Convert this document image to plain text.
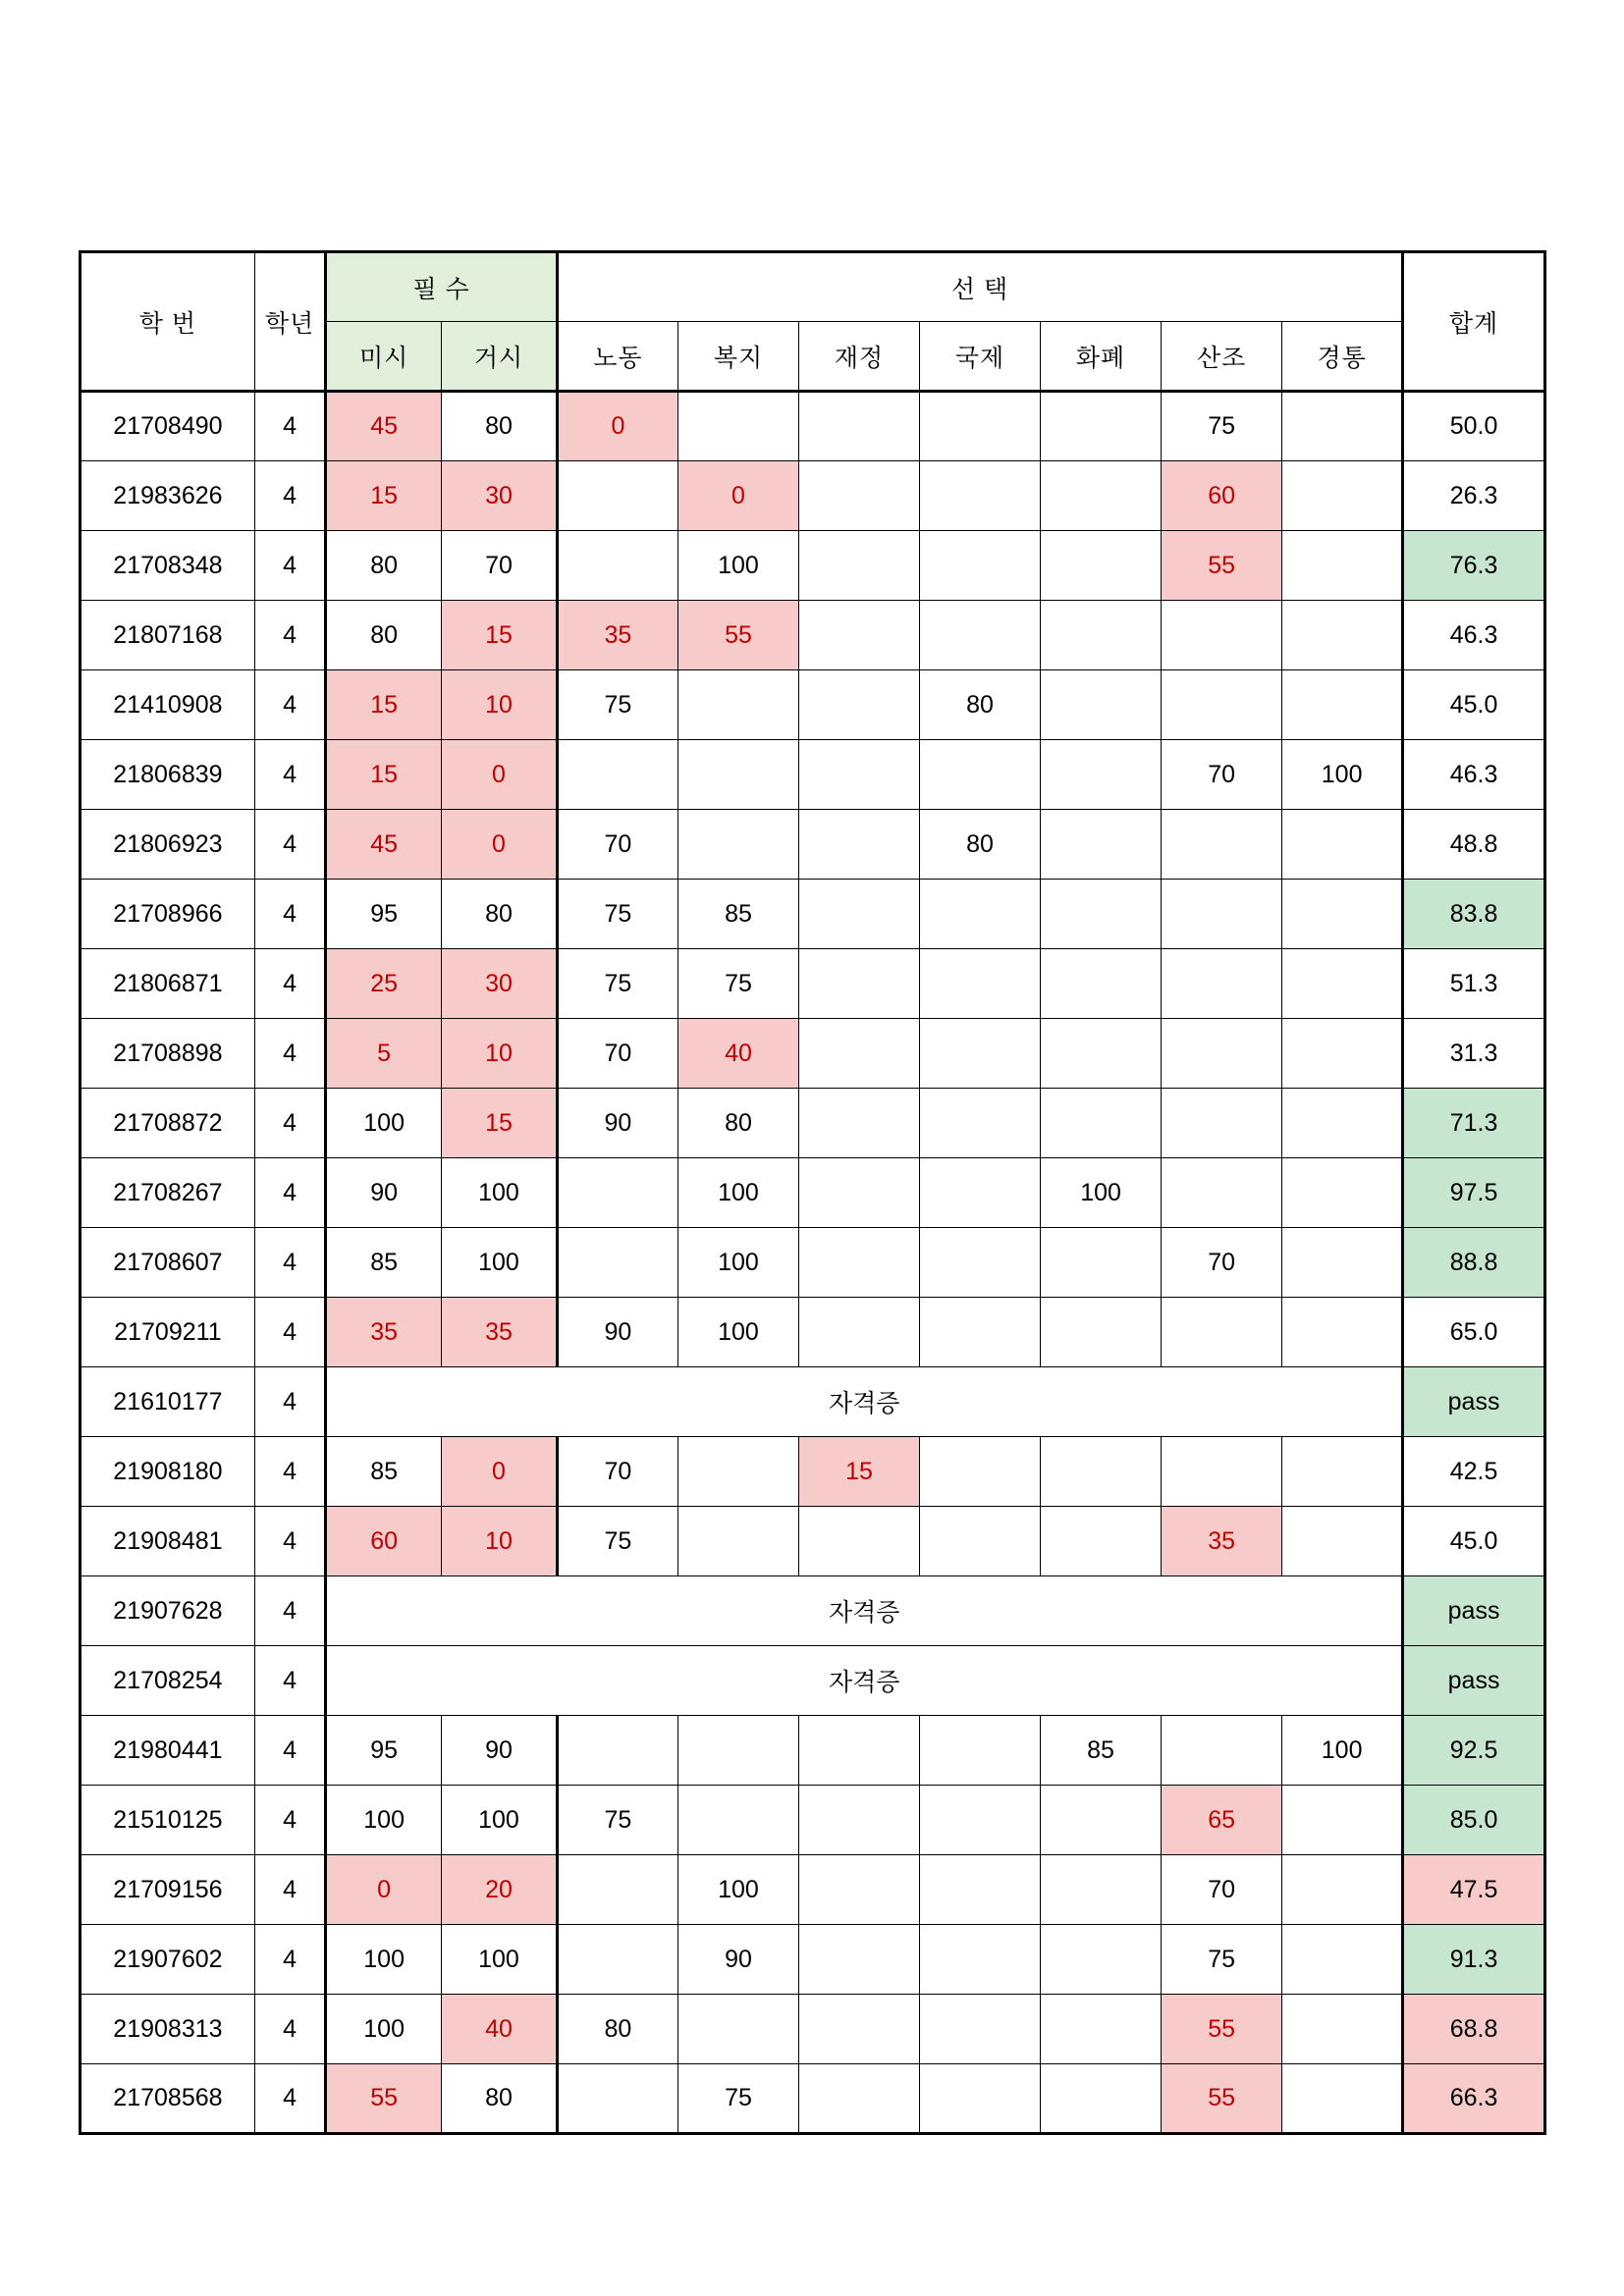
학 번	학년	필 수		선 택							합계
		미시	거시	노동	복지	재정	국제	화폐	산조	경통	
21708490	4	45	80	0					75		50.0
21983626	4	15	30		0				60		26.3
21708348	4	80	70		100				55		76.3
21807168	4	80	15	35	55						46.3
21410908	4	15	10	75			80				45.0
21806839	4	15	0						70	100	46.3
21806923	4	45	0	70			80				48.8
21708966	4	95	80	75	85						83.8
21806871	4	25	30	75	75						51.3
21708898	4	5	10	70	40						31.3
21708872	4	100	15	90	80						71.3
21708267	4	90	100		100			100			97.5
21708607	4	85	100		100				70		88.8
21709211	4	35	35	90	100						65.0
21610177	4	자격증									pass
21908180	4	85	0	70		15					42.5
21908481	4	60	10	75					35		45.0
21907628	4	자격증									pass
21708254	4	자격증									pass
21980441	4	95	90					85		100	92.5
21510125	4	100	100	75					65		85.0
21709156	4	0	20		100				70		47.5
21907602	4	100	100		90				75		91.3
21908313	4	100	40	80					55		68.8
21708568	4	55	80		75				55		66.3
